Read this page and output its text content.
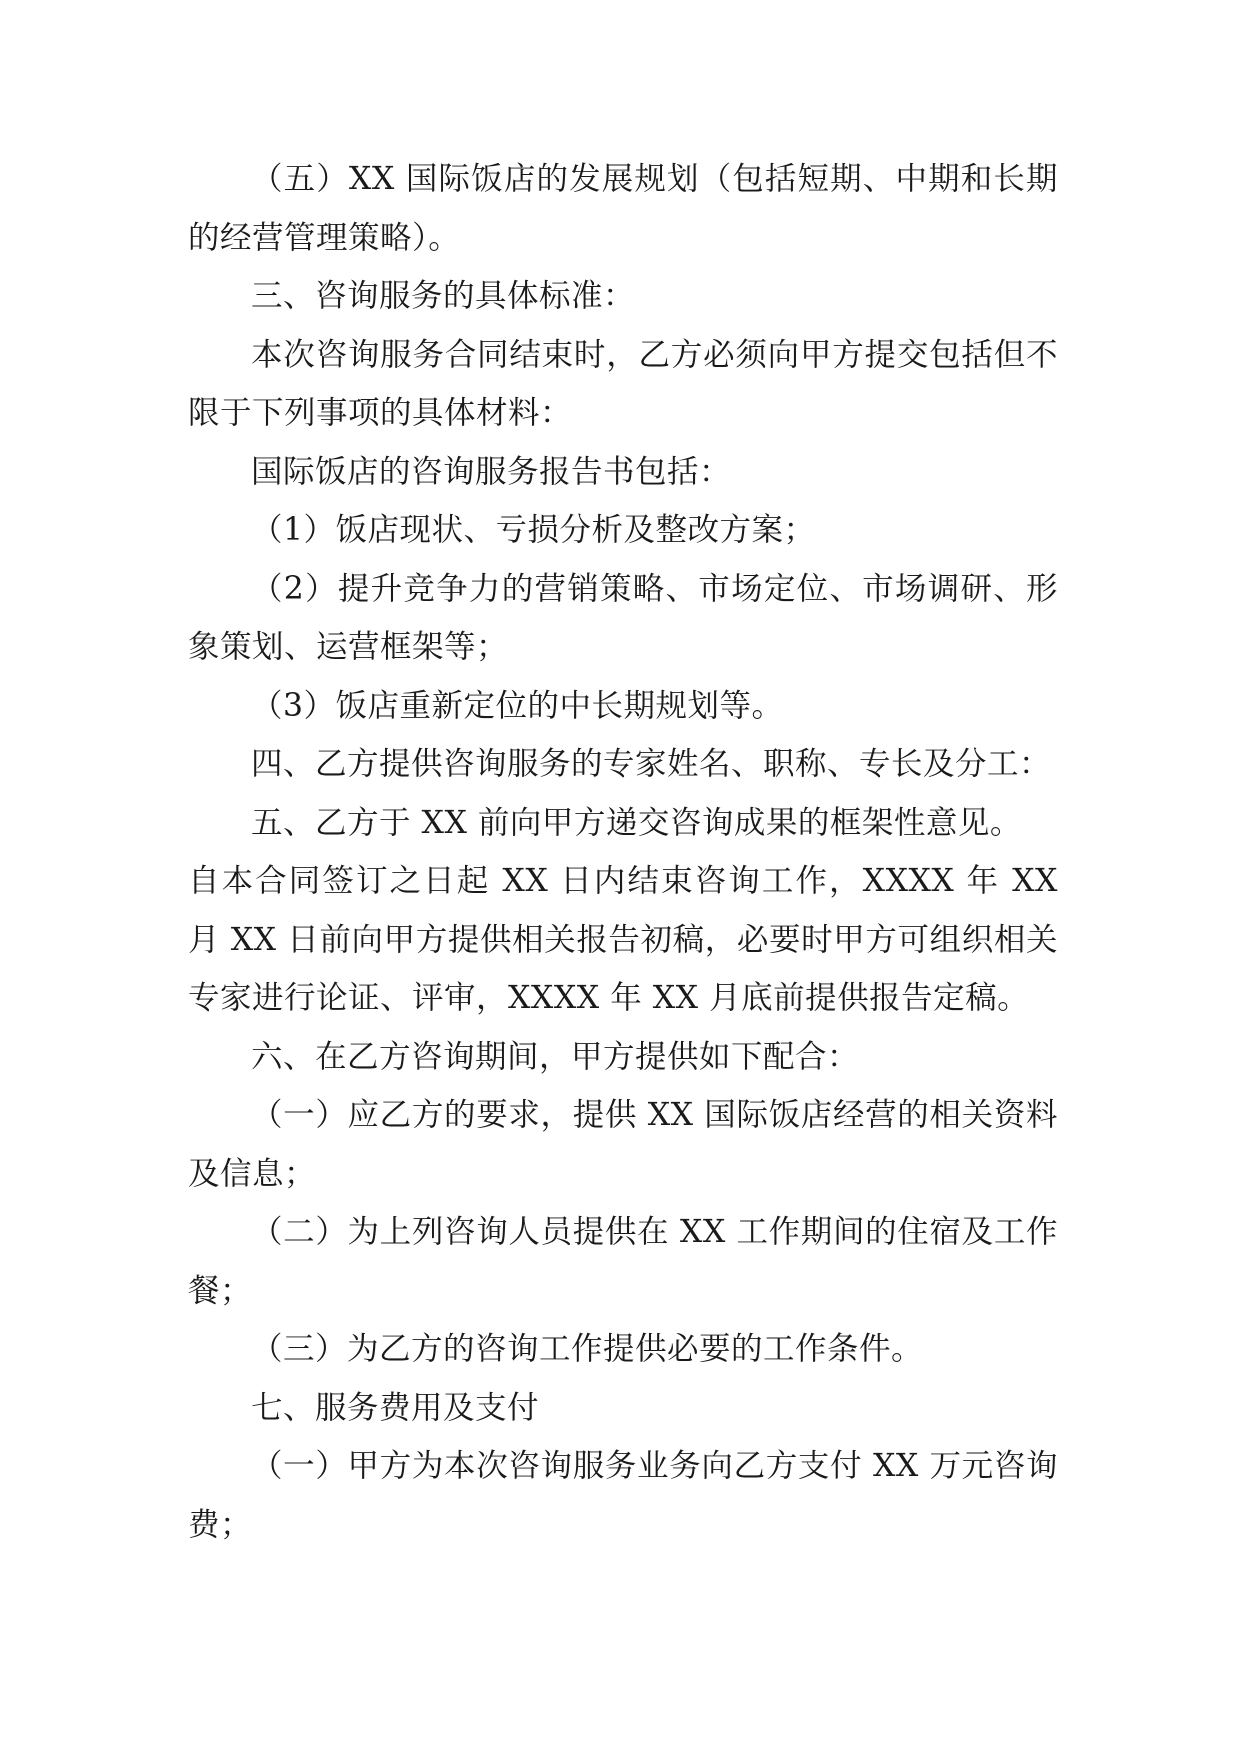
（五）XX 国际饭店的发展规划（包括短期、中期和长期的经营管理策略）。

三、咨询服务的具体标准：

本次咨询服务合同结束时，乙方必须向甲方提交包括但不限于下列事项的具体材料：

国际饭店的咨询服务报告书包括：

（1）饭店现状、亏损分析及整改方案；

（2）提升竞争力的营销策略、市场定位、市场调研、形象策划、运营框架等；

（3）饭店重新定位的中长期规划等。

四、乙方提供咨询服务的专家姓名、职称、专长及分工：

五、乙方于 XX 前向甲方递交咨询成果的框架性意见。

自本合同签订之日起 XX 日内结束咨询工作，XXXX 年 XX 月 XX 日前向甲方提供相关报告初稿，必要时甲方可组织相关专家进行论证、评审，XXXX 年 XX 月底前提供报告定稿。

六、在乙方咨询期间，甲方提供如下配合：

（一）应乙方的要求，提供 XX 国际饭店经营的相关资料及信息；

（二）为上列咨询人员提供在 XX 工作期间的住宿及工作餐；

（三）为乙方的咨询工作提供必要的工作条件。

七、服务费用及支付

（一）甲方为本次咨询服务业务向乙方支付 XX 万元咨询费；
